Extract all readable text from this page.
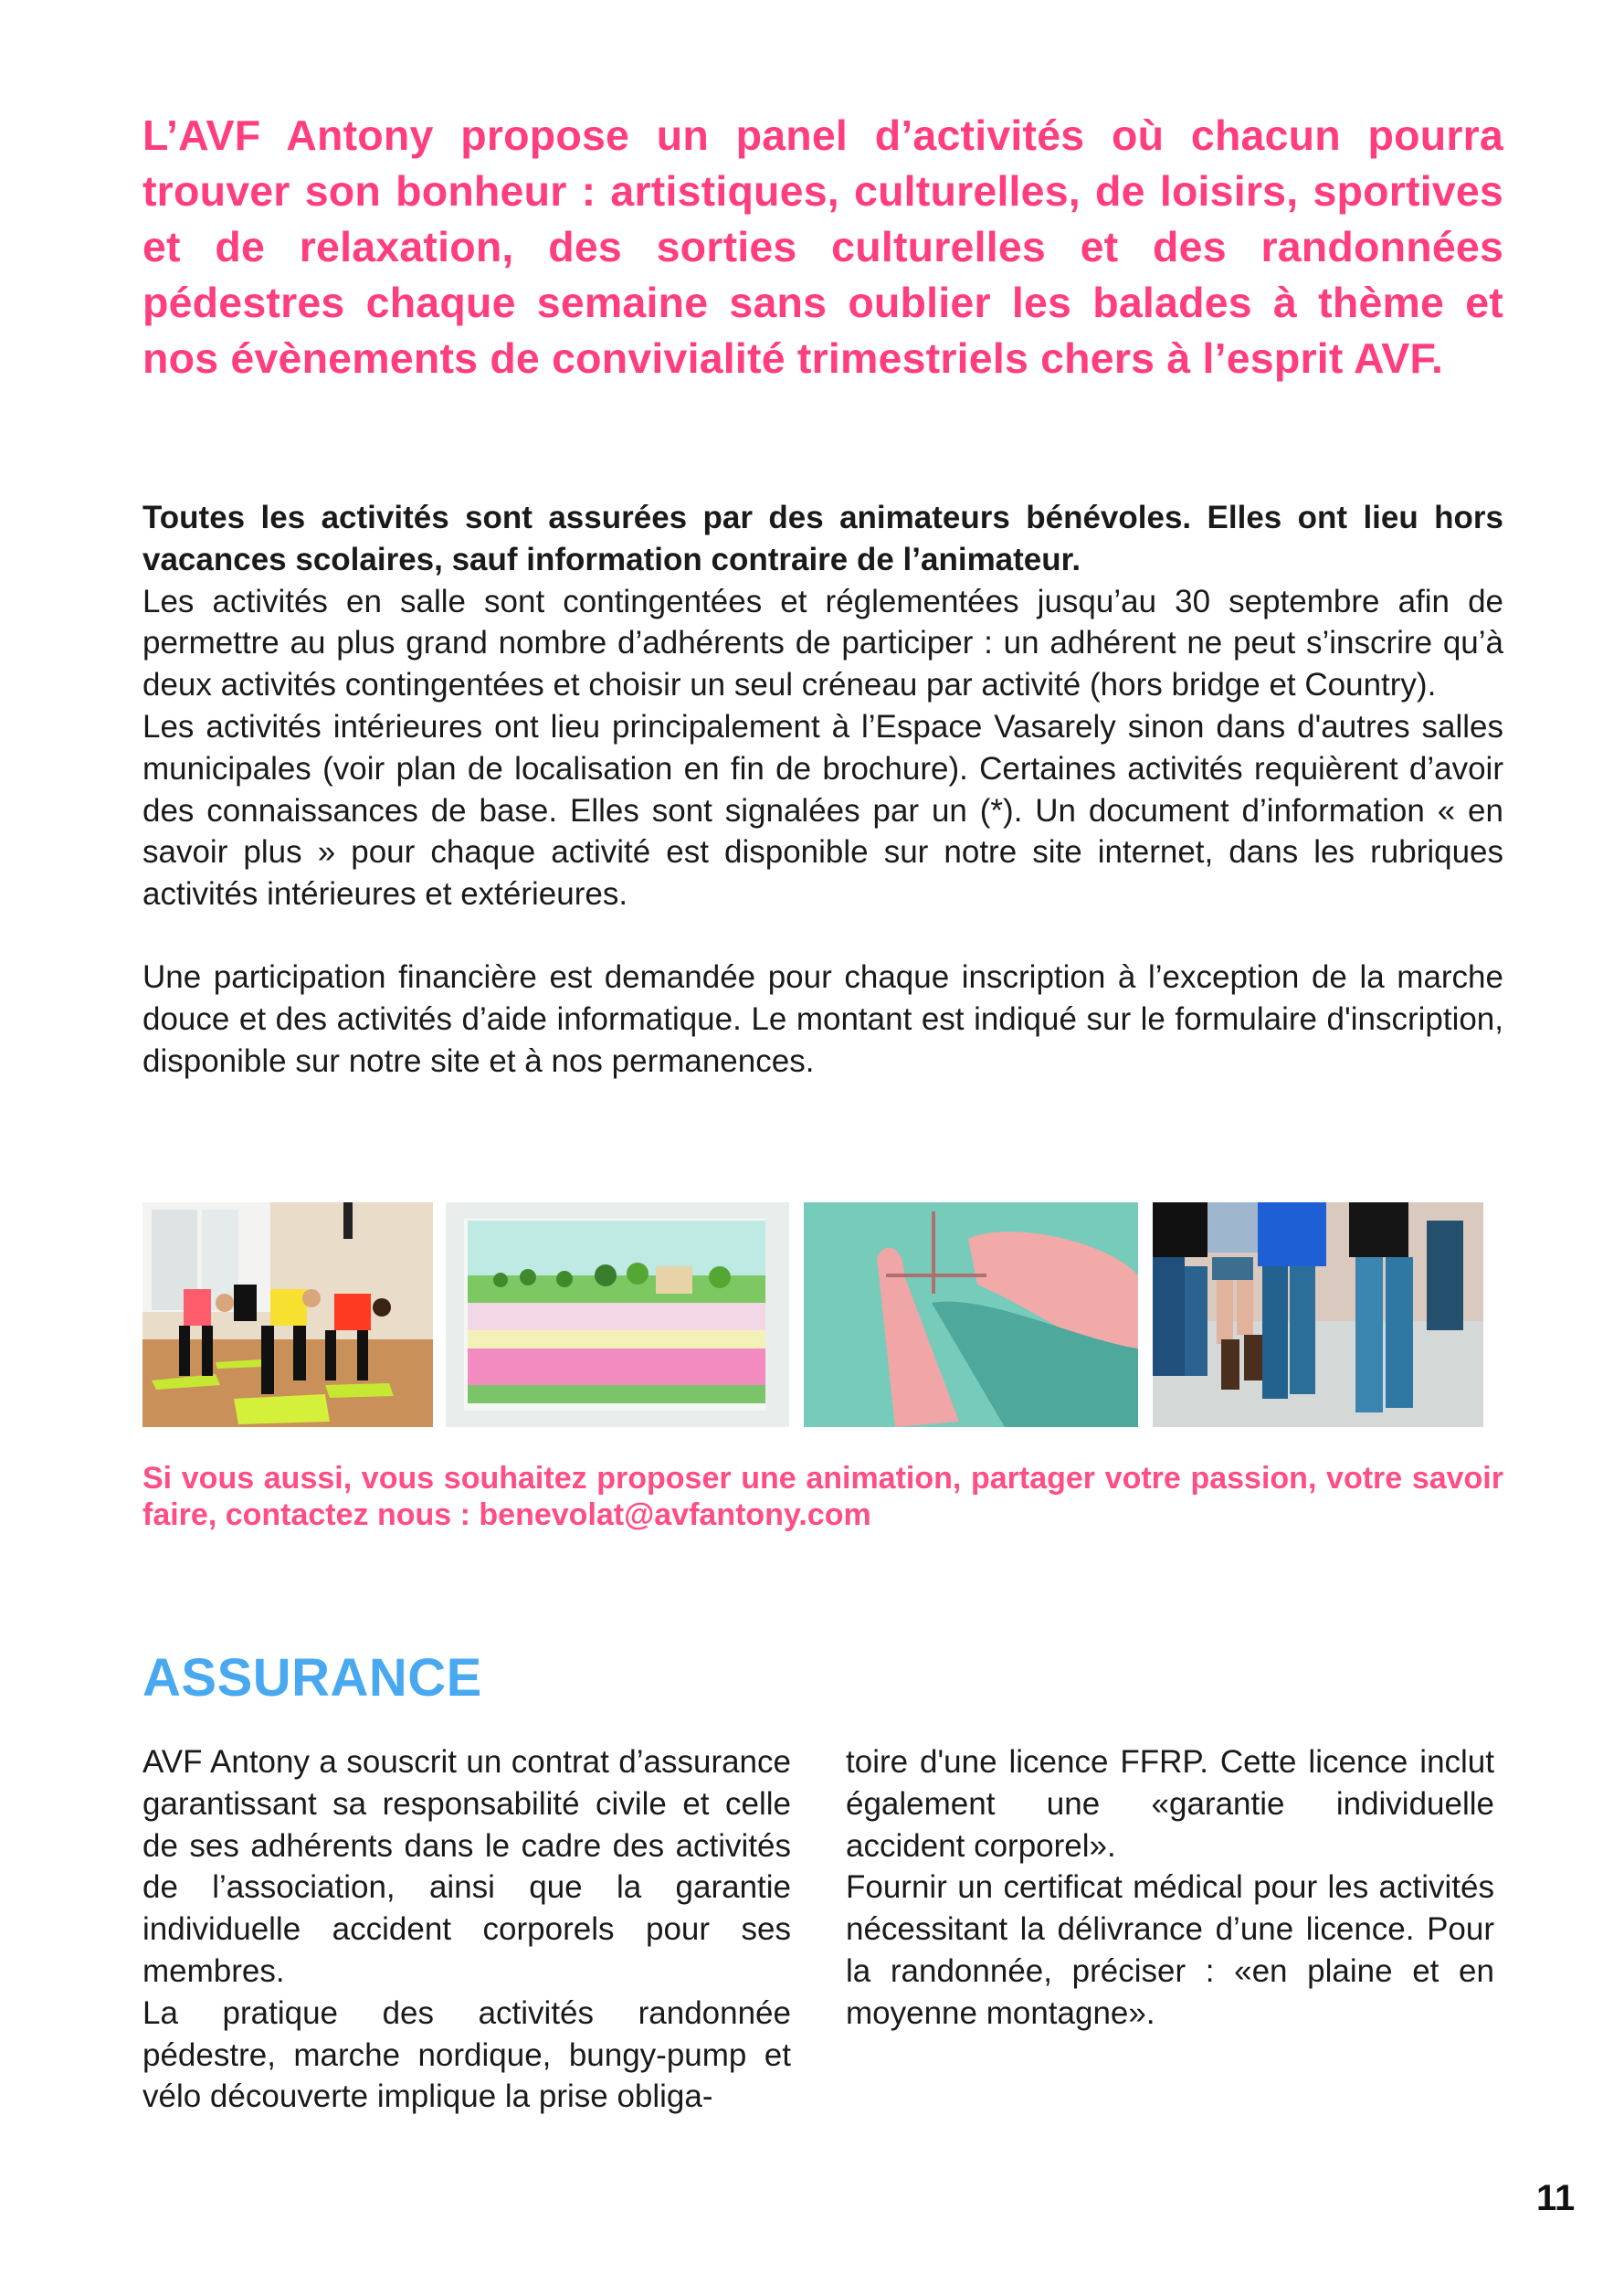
L’AVF Antony propose un panel d’activités où chacun pourra trouver son bonheur : artistiques, culturelles, de loisirs, sportives et de relaxation, des sorties culturelles et des randonnées pédestres chaque semaine sans oublier les balades à thème et nos évènements de convivialité trimestriels chers à l’esprit AVF.

Toutes les activités sont assurées par des animateurs bénévoles. Elles ont lieu hors vacances scolaires, sauf information contraire de l’animateur.

Les activités en salle sont contingentées et réglementées jusqu’au 30 septembre afin de permettre au plus grand nombre d’adhérents de participer : un adhérent ne peut s’inscrire qu’à deux activités contingentées et choisir un seul créneau par activité (hors bridge et Country).

Les activités intérieures ont lieu principalement à l’Espace Vasarely sinon dans d'autres salles municipales (voir plan de localisation en fin de brochure). Certaines activités requièrent d’avoir des connaissances de base. Elles sont signalées par un (*). Un document d’information « en savoir plus » pour chaque activité est disponible sur notre site internet, dans les rubriques activités intérieures et extérieures.

Une participation financière est demandée pour chaque inscription à l’exception de la marche douce et des activités d’aide informatique. Le montant est indiqué sur le formulaire d'inscription, disponible sur notre site et à nos permanences.

Si vous aussi, vous souhaitez proposer une animation, partager votre passion, votre savoir faire, contactez nous : benevolat@avfantony.com

ASSURANCE

AVF Antony a souscrit un contrat d’assurance garantissant sa responsabilité civile et celle de ses adhérents dans le cadre des activités de l’association, ainsi que la garantie individuelle accident corporels pour ses membres.

La pratique des activités randonnée pédestre, marche nordique, bungy-pump et vélo découverte implique la prise obliga-

toire d'une licence FFRP. Cette licence inclut également une «garantie individuelle accident corporel».

Fournir un certificat médical pour les activités nécessitant la délivrance d’une licence. Pour la randonnée, préciser : «en plaine et en moyenne montagne».

11
